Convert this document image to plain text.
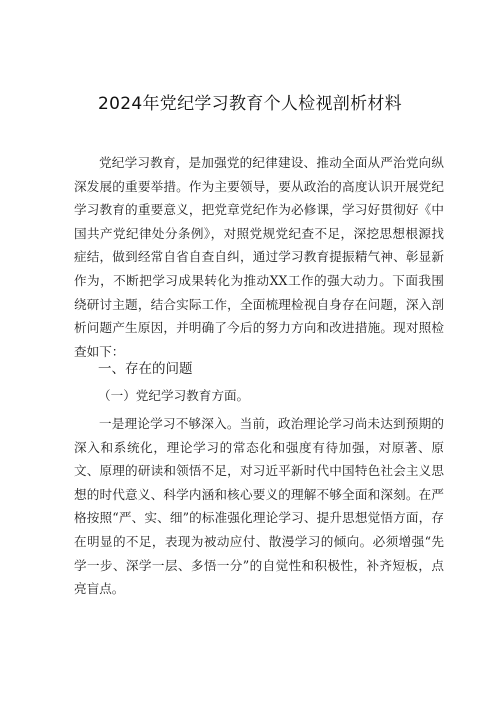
2024年党纪学习教育个人检视剖析材料

党纪学习教育，是加强党的纪律建设、推动全面从严治党向纵深发展的重要举措。作为主要领导，要从政治的高度认识开展党纪学习教育的重要意义，把党章党纪作为必修课，学习好贯彻好《中国共产党纪律处分条例》，对照党规党纪查不足，深挖思想根源找症结，做到经常自省自查自纠，通过学习教育提振精气神、彰显新作为，不断把学习成果转化为推动XX工作的强大动力。下面我围绕研讨主题，结合实际工作，全面梳理检视自身存在问题，深入剖析问题产生原因，并明确了今后的努力方向和改进措施。现对照检查如下：

一、存在的问题
（一）党纪学习教育方面。

一是理论学习不够深入。当前，政治理论学习尚未达到预期的深入和系统化，理论学习的常态化和强度有待加强，对原著、原文、原理的研读和领悟不足，对习近平新时代中国特色社会主义思想的时代意义、科学内涵和核心要义的理解不够全面和深刻。在严格按照“严、实、细”的标准强化理论学习、提升思想觉悟方面，存在明显的不足，表现为被动应付、散漫学习的倾向。必须增强“先学一步、深学一层、多悟一分”的自觉性和积极性，补齐短板，点亮盲点。
